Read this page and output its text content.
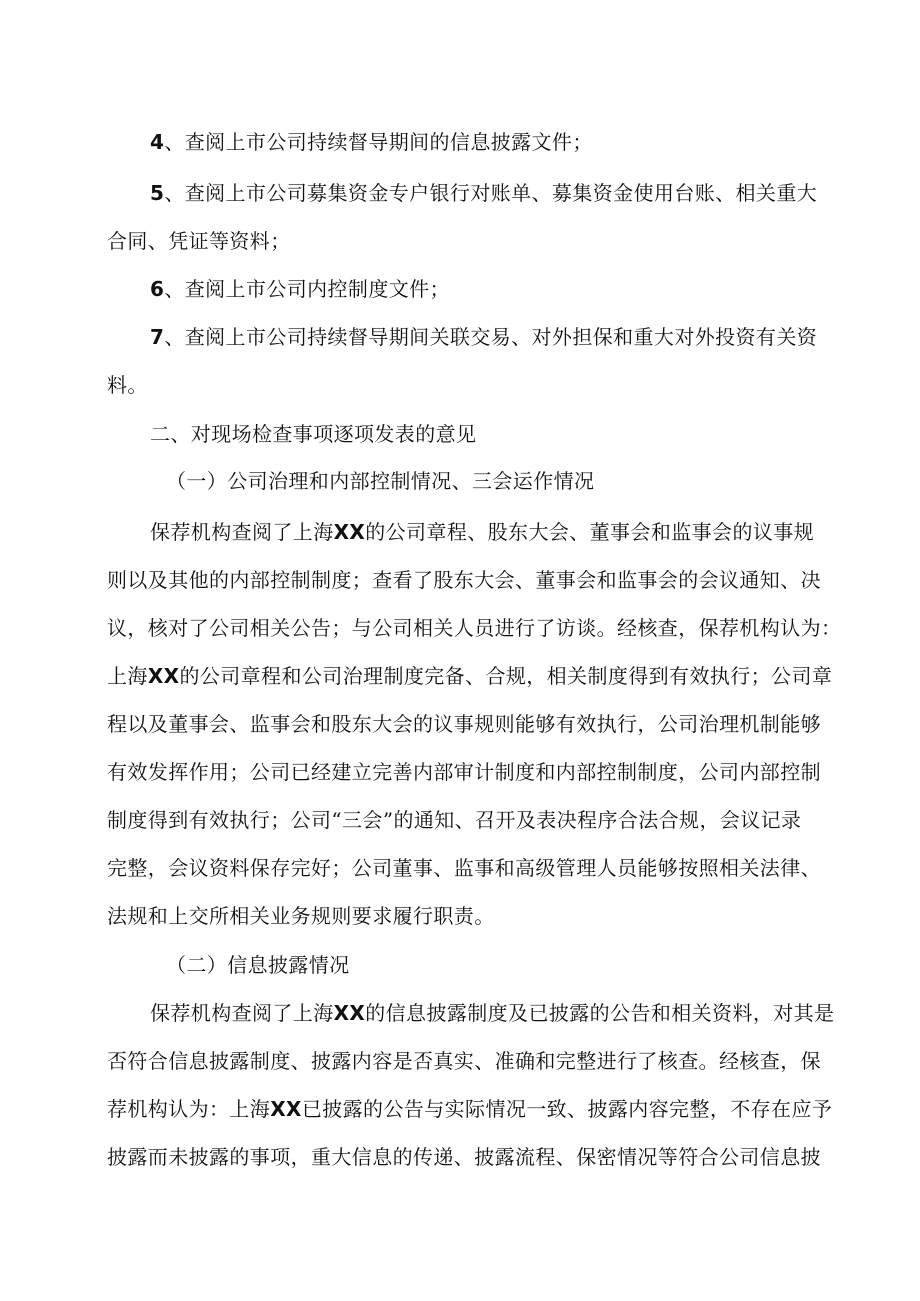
4、查阅上市公司持续督导期间的信息披露文件；
5、查阅上市公司募集资金专户银行对账单、募集资金使用台账、相关重大
合同、凭证等资料；
6、查阅上市公司内控制度文件；
7、查阅上市公司持续督导期间关联交易、对外担保和重大对外投资有关资
料。
二、对现场检查事项逐项发表的意见
（一）公司治理和内部控制情况、三会运作情况
保荐机构查阅了上海XX的公司章程、股东大会、董事会和监事会的议事规
则以及其他的内部控制制度；查看了股东大会、董事会和监事会的会议通知、决
议，核对了公司相关公告；与公司相关人员进行了访谈。经核查，保荐机构认为：
上海XX的公司章程和公司治理制度完备、合规，相关制度得到有效执行；公司章
程以及董事会、监事会和股东大会的议事规则能够有效执行，公司治理机制能够
有效发挥作用；公司已经建立完善内部审计制度和内部控制制度，公司内部控制
制度得到有效执行；公司“三会”的通知、召开及表决程序合法合规，会议记录
完整，会议资料保存完好；公司董事、监事和高级管理人员能够按照相关法律、
法规和上交所相关业务规则要求履行职责。
（二）信息披露情况
保荐机构查阅了上海XX的信息披露制度及已披露的公告和相关资料，对其是
否符合信息披露制度、披露内容是否真实、准确和完整进行了核查。经核查，保
荐机构认为：上海XX已披露的公告与实际情况一致、披露内容完整，不存在应予
披露而未披露的事项，重大信息的传递、披露流程、保密情况等符合公司信息披
